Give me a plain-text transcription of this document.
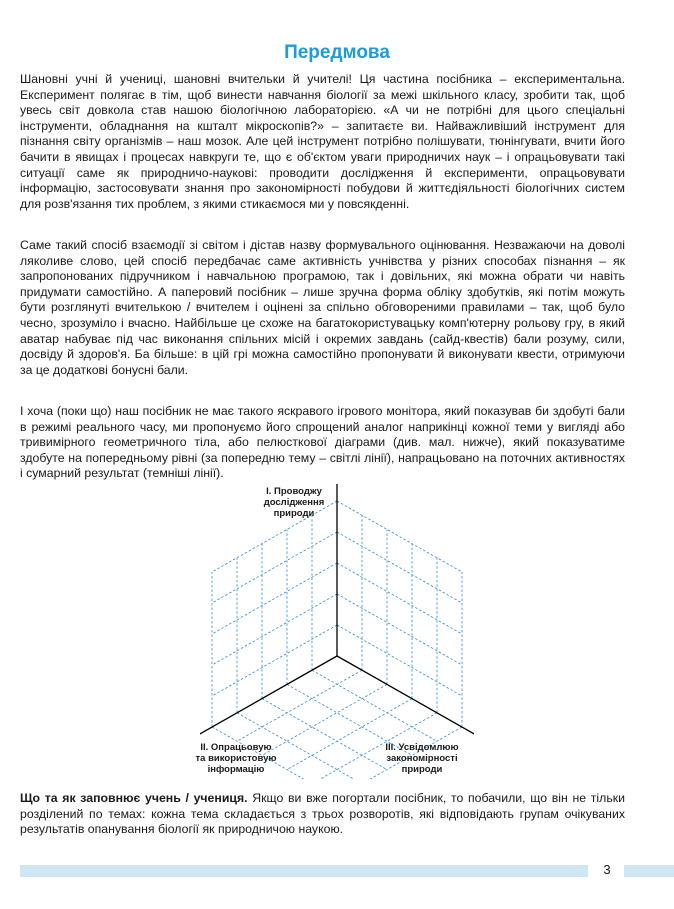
Передмова

Шановні учні й учениці, шановні вчительки й учителі! Ця частина посібника – експериментальна. Експеримент полягає в тім, щоб винести навчання біології за межі шкільного класу, зробити так, щоб увесь світ довкола став нашою біологічною лабораторією. «А чи не потрібні для цього спеціальні інструменти, обладнання на кшталт мікроскопів?» – запитаєте ви. Найважливіший інструмент для пізнання світу організмів – наш мозок. Але цей інструмент потрібно полішувати, тюнінгувати, вчити його бачити в явищах і процесах навкруги те, що є об'єктом уваги природничих наук – і опрацьовувати такі ситуації саме як природничо-наукові: проводити дослідження й експерименти, опрацьовувати інформацію, застосовувати знання про закономірності побудови й життєдіяльності біологічних систем для розв'язання тих проблем, з якими стикаємося ми у повсякденні.

Саме такий спосіб взаємодії зі світом і дістав назву формувального оцінювання. Незважаючи на доволі ляколиве слово, цей спосіб передбачає саме активність учнівства у різних способах пізнання – як запропонованих підручником і навчальною програмою, так і довільних, які можна обрати чи навіть придумати самостійно. А паперовий посібник – лише зручна форма обліку здобутків, які потім можуть бути розглянуті вчителькою / вчителем і оцінені за спільно обговореними правилами – так, щоб було чесно, зрозуміло і вчасно. Найбільше це схоже на багатокористувацьку комп'ютерну рольову гру, в який аватар набуває під час виконання спільних місій і окремих завдань (сайд-квестів) бали розуму, сили, досвіду й здоров'я. Ба більше: в цій грі можна самостійно пропонувати й виконувати квести, отримуючи за це додаткові бонусні бали.

І хоча (поки що) наш посібник не має такого яскравого ігрового монітора, який показував би здобуті бали в режимі реального часу, ми пропонуємо його спрощений аналог наприкінці кожної теми у вигляді або тривимірного геометричного тіла, або пелюсткової діаграми (див. мал. нижче), який показуватиме здобуте на попередньому рівні (за попередню тему – світлі лінії), напрацьовано на поточних активностях і сумарний результат (темніші лінії).

І. Проводжу дослідження природи
ІІ. Опрацьовую та використовую інформацію
ІІІ. Усвідомлюю закономірності природи

Що та як заповнює учень / учениця. Якщо ви вже погортали посібник, то побачили, що він не тільки розділений по темах: кожна тема складається з трьох розворотів, які відповідають групам очікуваних результатів опанування біології як природничою наукою.

3
